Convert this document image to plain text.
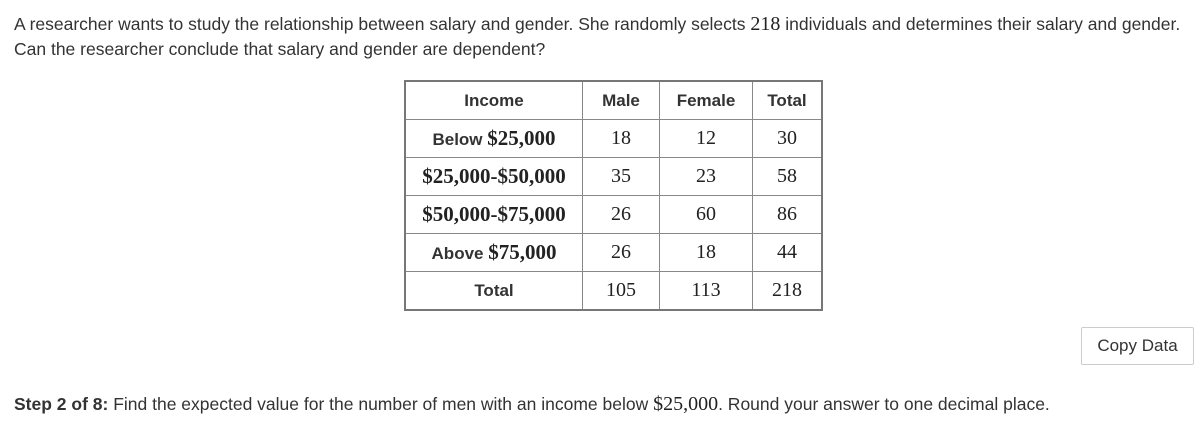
A researcher wants to study the relationship between salary and gender. She randomly selects 218 individuals and determines their salary and gender. Can the researcher conclude that salary and gender are dependent?
Income	Male	Female	Total
Below $25,000	18	12	30
$25,000-$50,000	35	23	58
$50,000-$75,000	26	60	86
Above $75,000	26	18	44
Total	105	113	218
Copy Data
Step 2 of 8: Find the expected value for the number of men with an income below $25,000. Round your answer to one decimal place.
